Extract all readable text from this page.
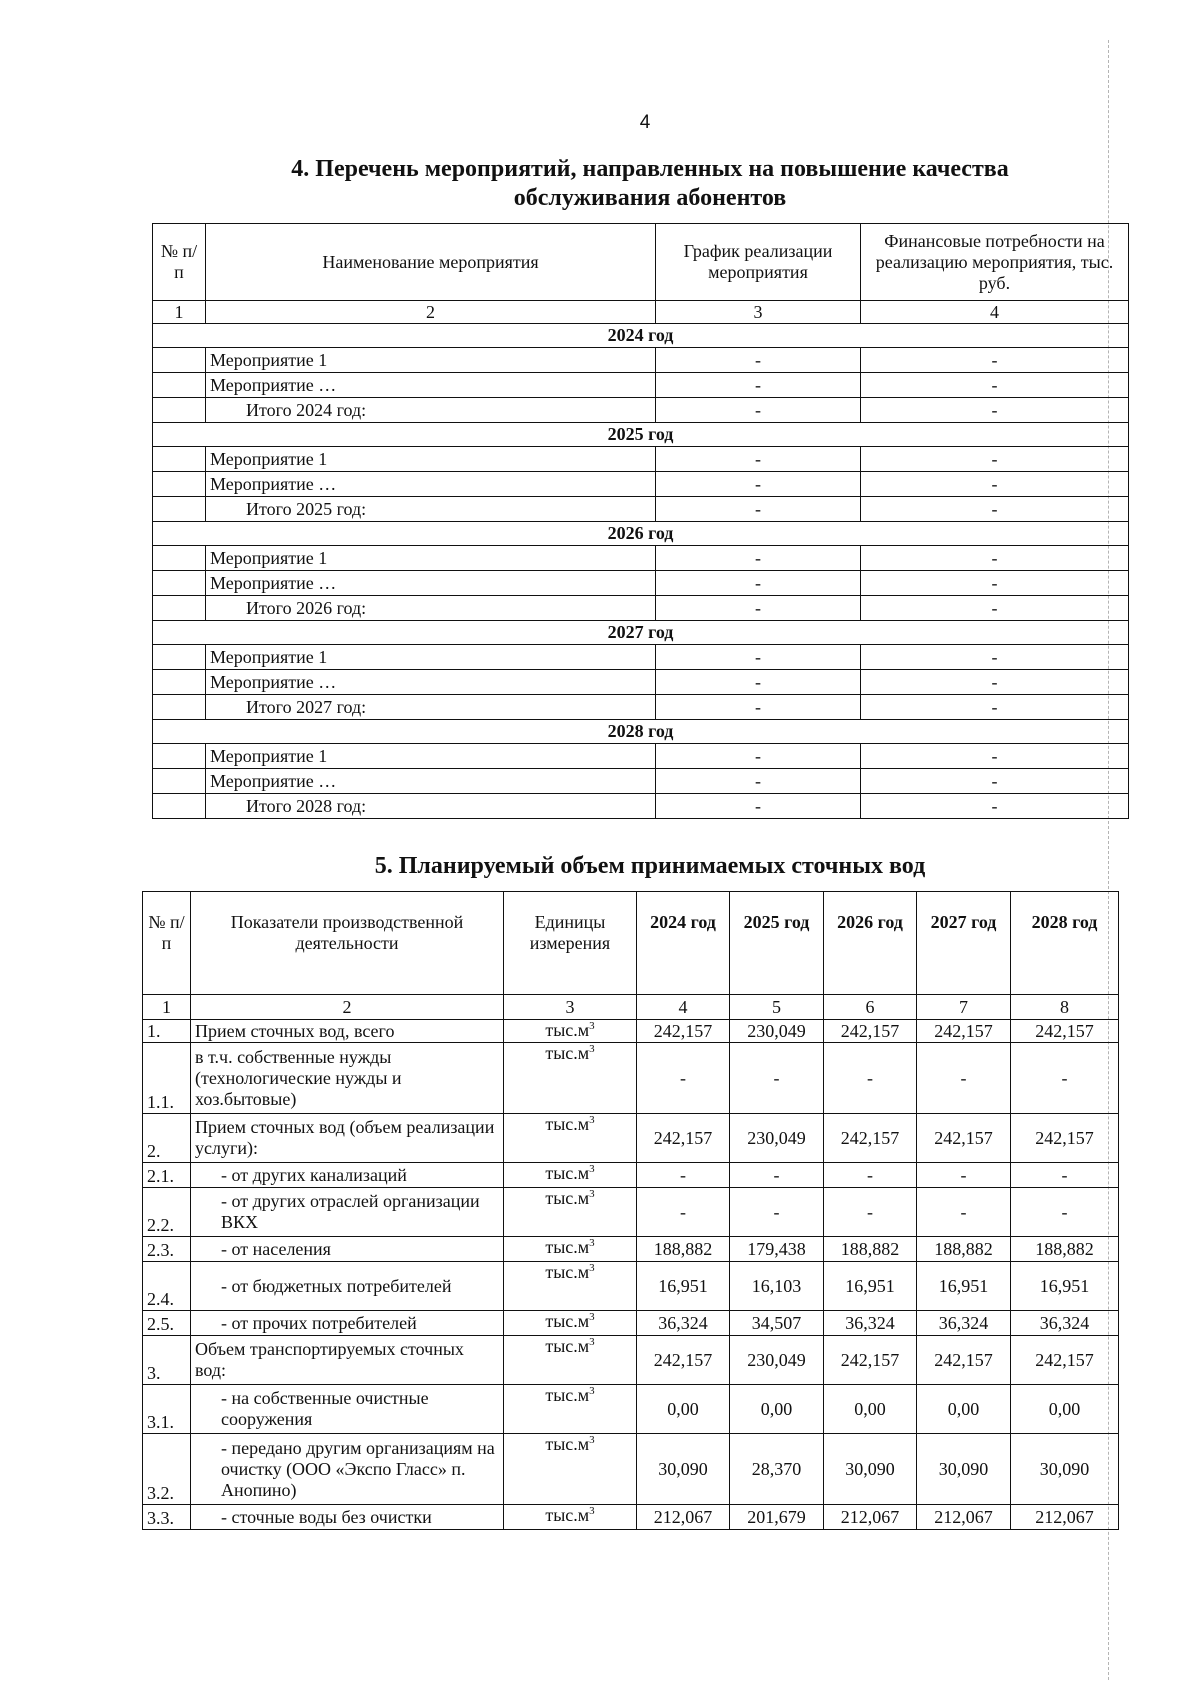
4
4. Перечень мероприятий, направленных на повышение качества обслуживания абонентов
№ п/п	Наименование мероприятия	График реализации мероприятия	Финансовые потребности на реализацию мероприятия, тыс. руб.
1	2	3	4
2024 год			
	Мероприятие 1	-	-
	Мероприятие …	-	-
	Итого 2024 год:	-	-
2025 год			
	Мероприятие 1	-	-
	Мероприятие …	-	-
	Итого 2025 год:	-	-
2026 год			
	Мероприятие 1	-	-
	Мероприятие …	-	-
	Итого 2026 год:	-	-
2027 год			
	Мероприятие 1	-	-
	Мероприятие …	-	-
	Итого 2027 год:	-	-
2028 год			
	Мероприятие 1	-	-
	Мероприятие …	-	-
	Итого 2028 год:	-	-
5. Планируемый объем принимаемых сточных вод
№ п/п	Показатели производственной деятельности	Единицы измерения	2024 год	2025 год	2026 год	2027 год	2028 год
1	2	3	4	5	6	7	8
1.	Прием сточных вод, всего	$тыс.м^3$	242,157	230,049	242,157	242,157	242,157
1.1.	в т.ч. собственные нужды (технологические нужды и хоз.бытовые)	$тыс.м^3$	-	-	-	-	-
2.	Прием сточных вод (объем реализации услуги):	$тыс.м^3$	242,157	230,049	242,157	242,157	242,157
2.1.	- от других канализаций	$тыс.м^3$	-	-	-	-	-
2.2.	- от других отраслей организации ВКХ	$тыс.м^3$	-	-	-	-	-
2.3.	- от населения	$тыс.м^3$	188,882	179,438	188,882	188,882	188,882
2.4.	- от бюджетных потребителей	$тыс.м^3$	16,951	16,103	16,951	16,951	16,951
2.5.	- от прочих потребителей	$тыс.м^3$	36,324	34,507	36,324	36,324	36,324
3.	Объем транспортируемых сточных вод:	$тыс.м^3$	242,157	230,049	242,157	242,157	242,157
3.1.	- на собственные очистные сооружения	$тыс.м^3$	0,00	0,00	0,00	0,00	0,00
3.2.	- передано другим организациям на очистку (ООО «Экспо Гласс» п. Анопино)	$тыс.м^3$	30,090	28,370	30,090	30,090	30,090
3.3.	- сточные воды без очистки	$тыс.м^3$	212,067	201,679	212,067	212,067	212,067
